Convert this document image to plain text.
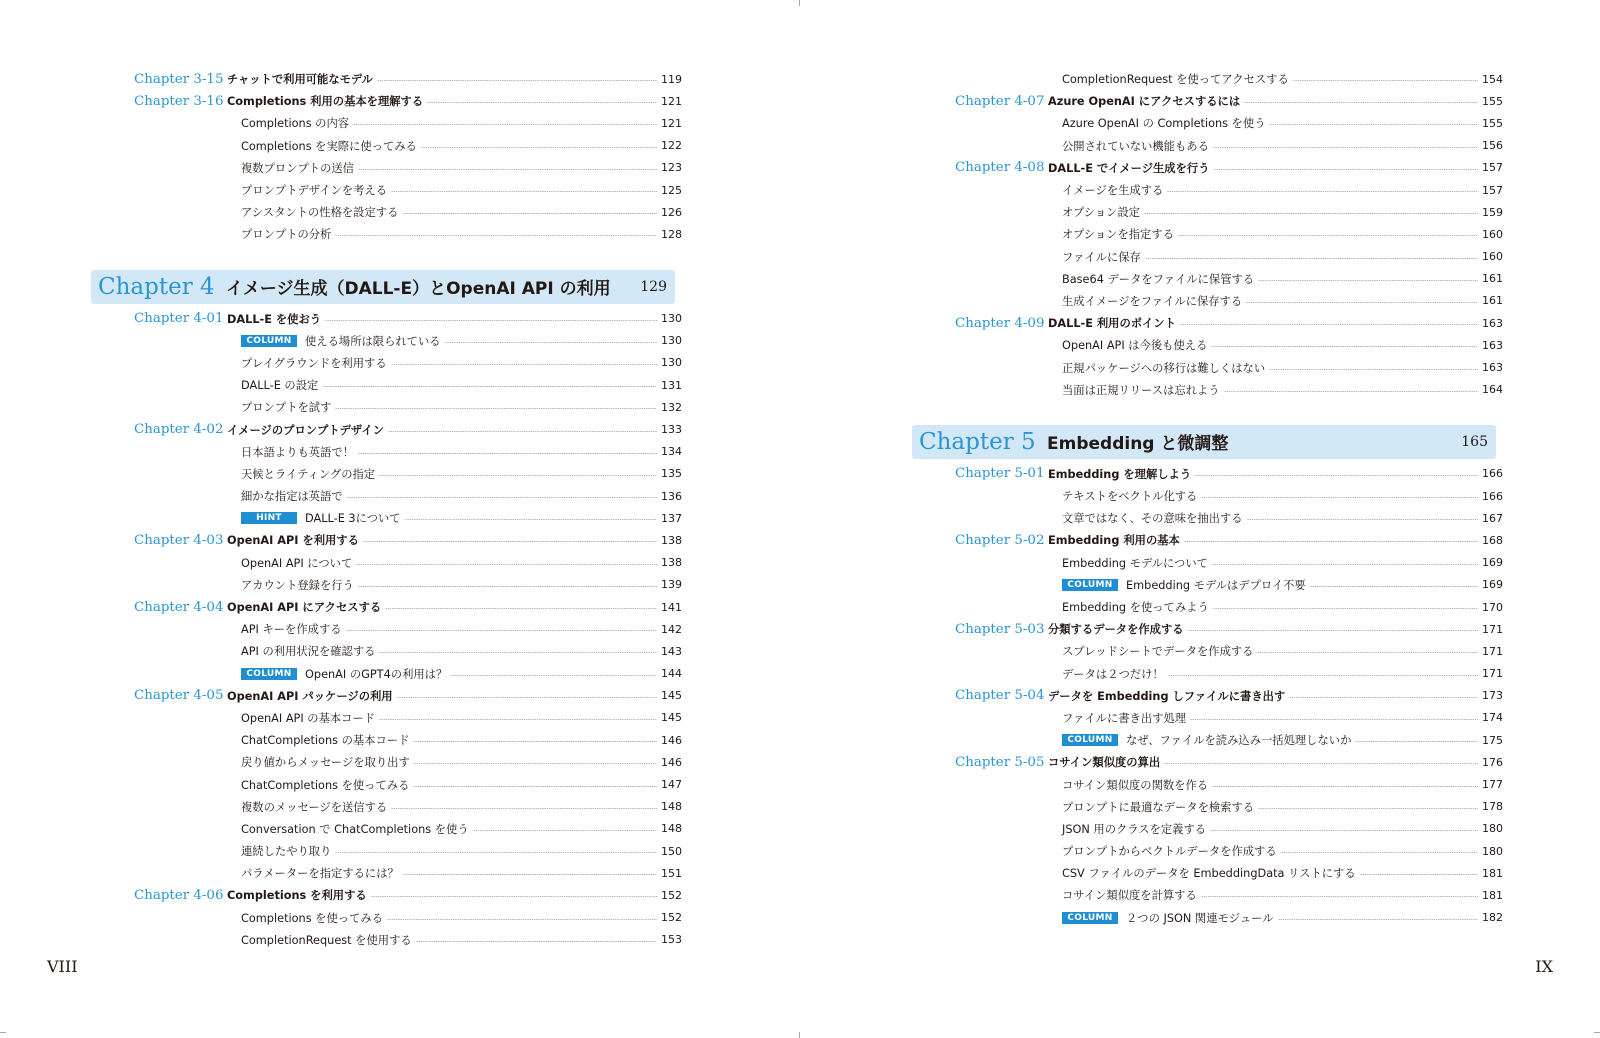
Chapter 3-15 チャットで利用可能なモデル	119
Chapter 3-16 Completions 利用の基本を理解する	121
Completions の内容	121
Completions を実際に使ってみる	122
複数プロンプトの送信	123
プロンプトデザインを考える	125
アシスタントの性格を設定する	126
プロンプトの分析	128
Chapter 4 イメージ生成（DALL-E）とOpenAI API の利用	129
Chapter 4-01 DALL-E を使おう	130
COLUMN	使える場所は限られている	130
プレイグラウンドを利用する	130
DALL-E の設定	131
プロンプトを試す	132
Chapter 4-02 イメージのプロンプトデザイン	133
日本語よりも英語で！	134
天候とライティングの指定	135
細かな指定は英語で	136
HINT	DALL-E 3について	137
Chapter 4-03 OpenAI API を利用する	138
OpenAI API について	138
アカウント登録を行う	139
Chapter 4-04 OpenAI API にアクセスする	141
API キーを作成する	142
API の利用状況を確認する	143
COLUMN	OpenAI のGPT4の利用は？	144
Chapter 4-05 OpenAI API パッケージの利用	145
OpenAI API の基本コード	145
ChatCompletions の基本コード	146
戻り値からメッセージを取り出す	146
ChatCompletions を使ってみる	147
複数のメッセージを送信する	148
Conversation で ChatCompletions を使う	148
連続したやり取り	150
パラメーターを指定するには？	151
Chapter 4-06 Completions を利用する	152
Completions を使ってみる	152
CompletionRequest を使用する	153
VIII
CompletionRequest を使ってアクセスする	154
Chapter 4-07 Azure OpenAI にアクセスするには	155
Azure OpenAI の Completions を使う	155
公開されていない機能もある	156
Chapter 4-08 DALL-E でイメージ生成を行う	157
イメージを生成する	157
オプション設定	159
オプションを指定する	160
ファイルに保存	160
Base64 データをファイルに保管する	161
生成イメージをファイルに保存する	161
Chapter 4-09 DALL-E 利用のポイント	163
OpenAI API は今後も使える	163
正規パッケージへの移行は難しくはない	163
当面は正規リリースは忘れよう	164
Chapter 5 Embedding と微調整	165
Chapter 5-01 Embedding を理解しよう	166
テキストをベクトル化する	166
文章ではなく、その意味を抽出する	167
Chapter 5-02 Embedding 利用の基本	168
Embedding モデルについて	169
COLUMN	Embedding モデルはデプロイ不要	169
Embedding を使ってみよう	170
Chapter 5-03 分類するデータを作成する	171
スプレッドシートでデータを作成する	171
データは２つだけ！	171
Chapter 5-04 データを Embedding しファイルに書き出す	173
ファイルに書き出す処理	174
COLUMN	なぜ、ファイルを読み込み一括処理しないか	175
Chapter 5-05 コサイン類似度の算出	176
コサイン類似度の関数を作る	177
プロンプトに最適なデータを検索する	178
JSON 用のクラスを定義する	180
プロンプトからベクトルデータを作成する	180
CSV ファイルのデータを EmbeddingData リストにする	181
コサイン類似度を計算する	181
COLUMN	２つの JSON 関連モジュール	182
IX
